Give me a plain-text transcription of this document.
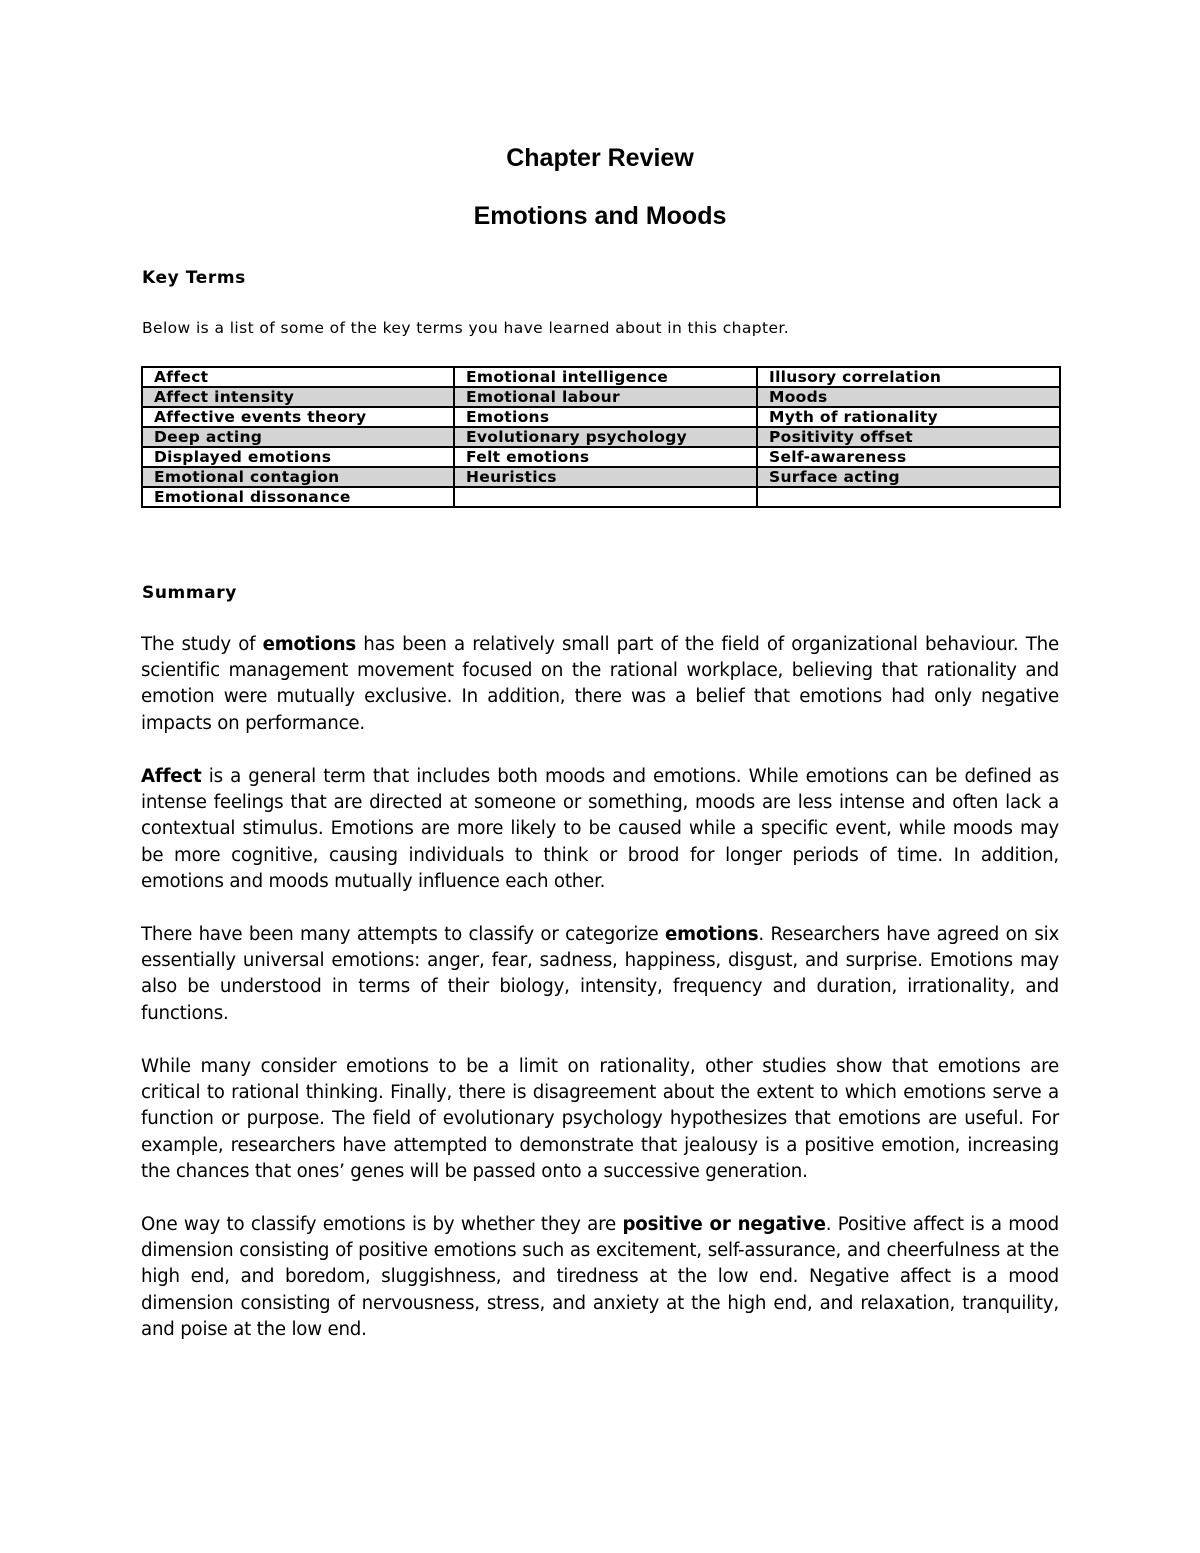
Chapter Review
Emotions and Moods
Key Terms
Below is a list of some of the key terms you have learned about in this chapter.
Affect	Emotional intelligence	Illusory correlation
Affect intensity	Emotional labour	Moods
Affective events theory	Emotions	Myth of rationality
Deep acting	Evolutionary psychology	Positivity offset
Displayed emotions	Felt emotions	Self-awareness
Emotional contagion	Heuristics	Surface acting
Emotional dissonance		
Summary

The study of emotions has been a relatively small part of the field of organizational behaviour. The scientific management movement focused on the rational workplace, believing that rationality and emotion were mutually exclusive. In addition, there was a belief that emotions had only negative impacts on performance.

Affect is a general term that includes both moods and emotions. While emotions can be defined as intense feelings that are directed at someone or something, moods are less intense and often lack a contextual stimulus. Emotions are more likely to be caused while a specific event, while moods may be more cognitive, causing individuals to think or brood for longer periods of time. In addition, emotions and moods mutually influence each other.

There have been many attempts to classify or categorize emotions. Researchers have agreed on six essentially universal emotions: anger, fear, sadness, happiness, disgust, and surprise. Emotions may also be understood in terms of their biology, intensity, frequency and duration, irrationality, and functions.

While many consider emotions to be a limit on rationality, other studies show that emotions are critical to rational thinking. Finally, there is disagreement about the extent to which emotions serve a function or purpose. The field of evolutionary psychology hypothesizes that emotions are useful. For example, researchers have attempted to demonstrate that jealousy is a positive emotion, increasing the chances that ones’ genes will be passed onto a successive generation.

One way to classify emotions is by whether they are positive or negative. Positive affect is a mood dimension consisting of positive emotions such as excitement, self-assurance, and cheerfulness at the high end, and boredom, sluggishness, and tiredness at the low end. Negative affect is a mood dimension consisting of nervousness, stress, and anxiety at the high end, and relaxation, tranquility, and poise at the low end.
